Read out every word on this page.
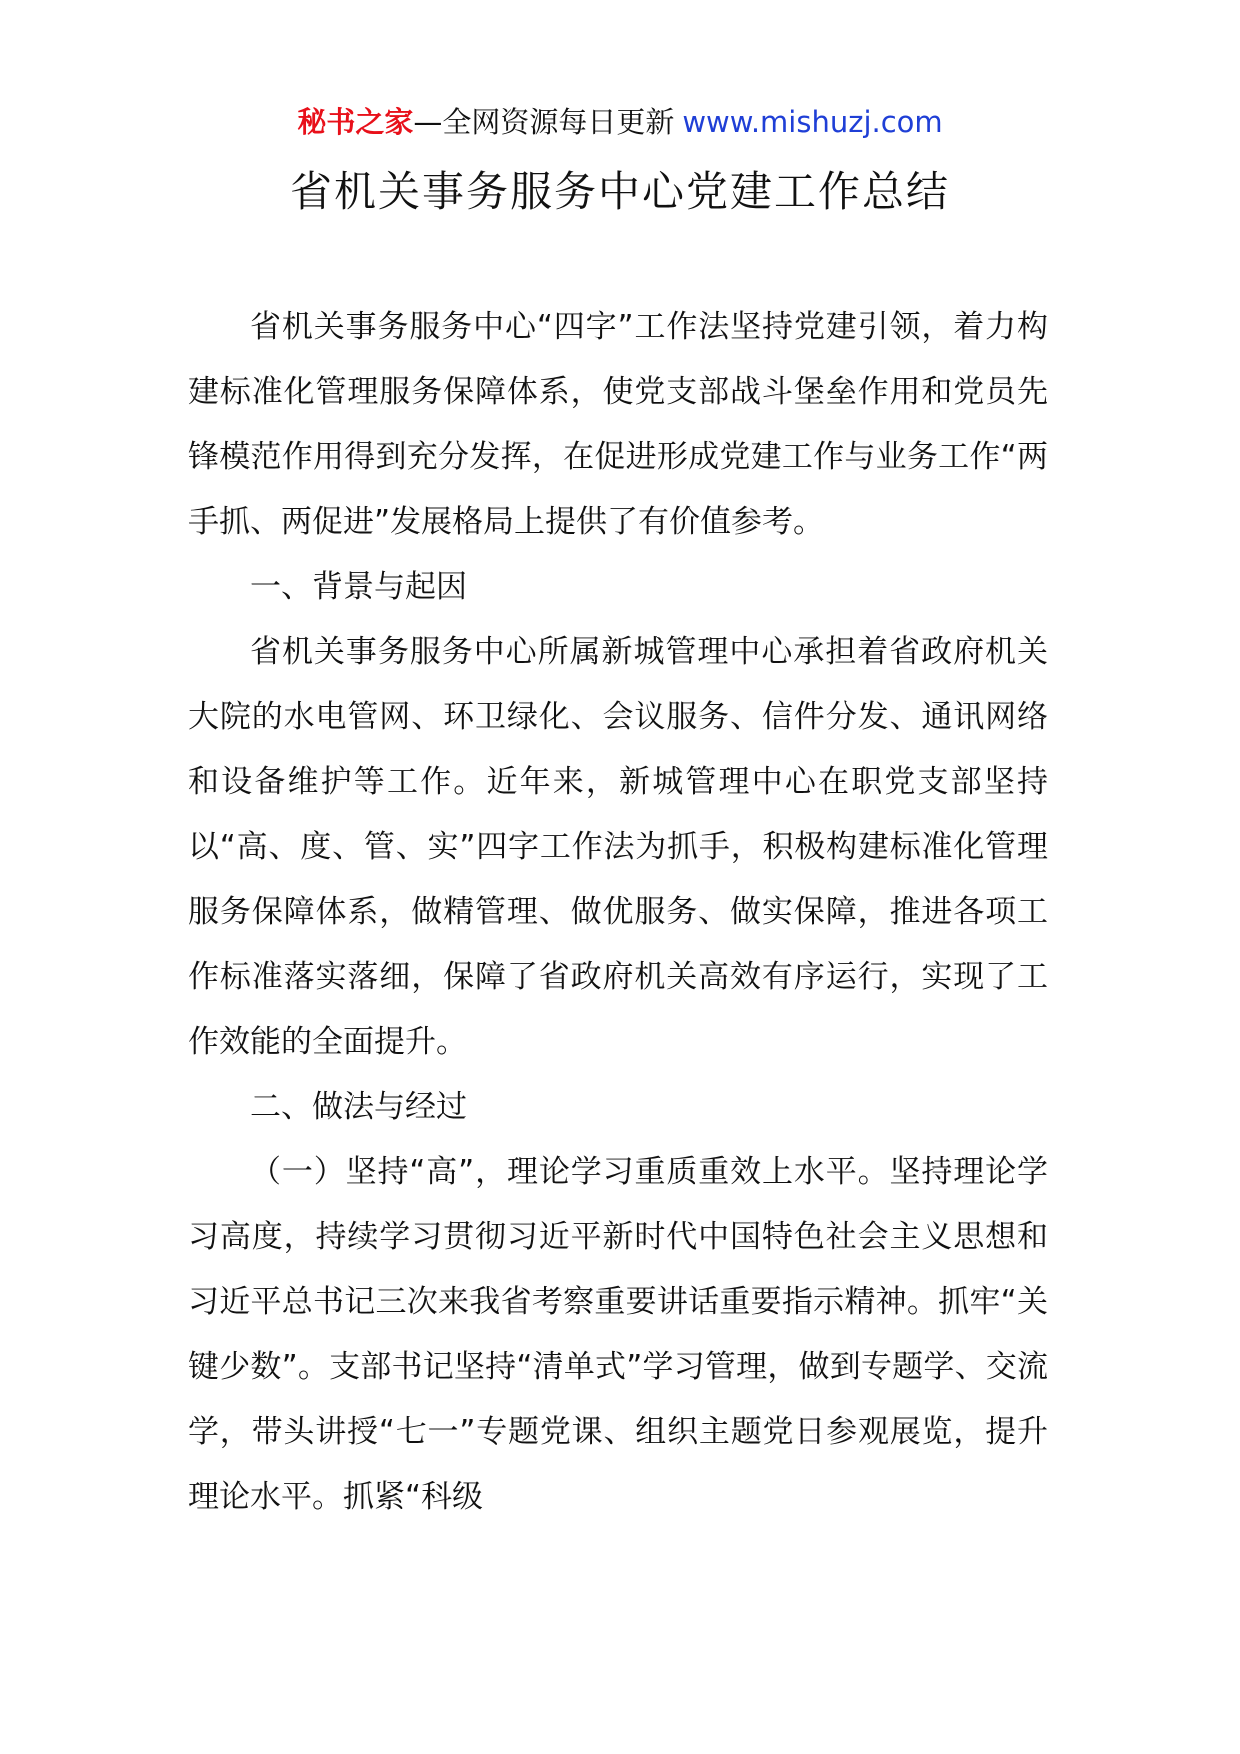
秘书之家—全网资源每日更新 www.mishuzj.com
省机关事务服务中心党建工作总结

省机关事务服务中心“四字”工作法坚持党建引领，着力构建标准化管理服务保障体系，使党支部战斗堡垒作用和党员先锋模范作用得到充分发挥，在促进形成党建工作与业务工作“两手抓、两促进”发展格局上提供了有价值参考。

一、背景与起因

省机关事务服务中心所属新城管理中心承担着省政府机关大院的水电管网、环卫绿化、会议服务、信件分发、通讯网络和设备维护等工作。近年来，新城管理中心在职党支部坚持以“高、度、管、实”四字工作法为抓手，积极构建标准化管理服务保障体系，做精管理、做优服务、做实保障，推进各项工作标准落实落细，保障了省政府机关高效有序运行，实现了工作效能的全面提升。

二、做法与经过

（一）坚持“高”，理论学习重质重效上水平。坚持理论学习高度，持续学习贯彻习近平新时代中国特色社会主义思想和习近平总书记三次来我省考察重要讲话重要指示精神。抓牢“关键少数”。支部书记坚持“清单式”学习管理，做到专题学、交流学，带头讲授“七一”专题党课、组织主题党日参观展览，提升理论水平。抓紧“科级
